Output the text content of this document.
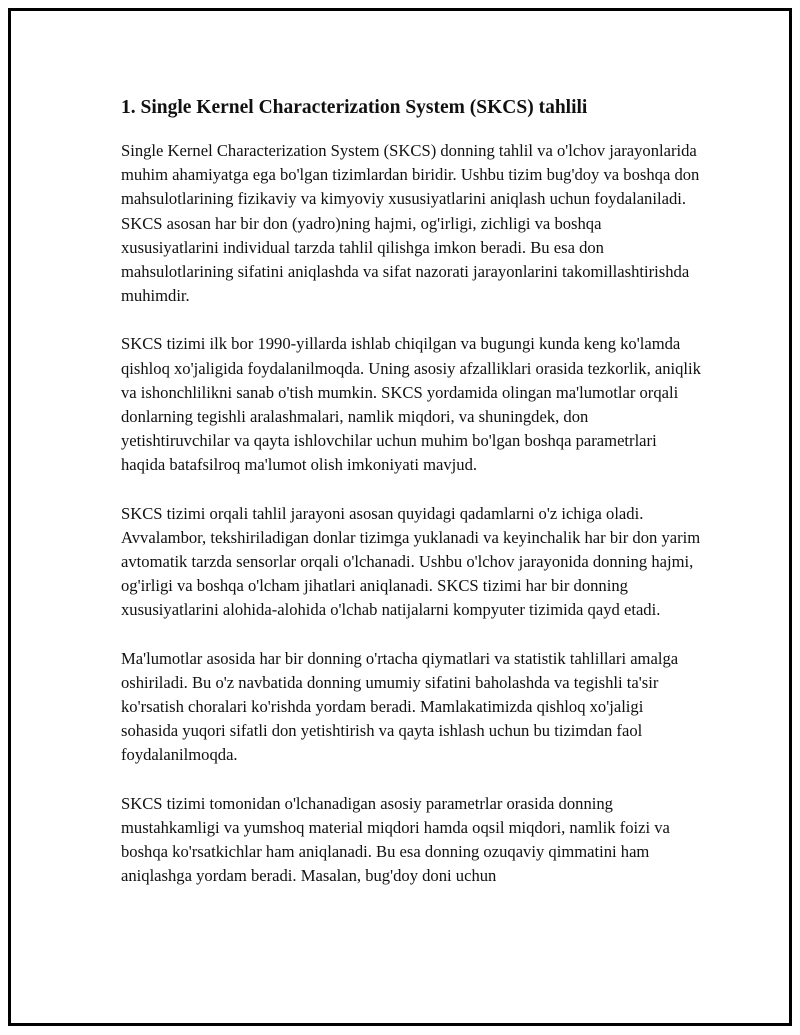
1. Single Kernel Characterization System (SKCS) tahlili

Single Kernel Characterization System (SKCS) donning tahlil va o'lchov jarayonlarida muhim ahamiyatga ega bo'lgan tizimlardan biridir. Ushbu tizim bug'doy va boshqa don mahsulotlarining fizikaviy va kimyoviy xususiyatlarini aniqlash uchun foydalaniladi. SKCS asosan har bir don (yadro)ning hajmi, og'irligi, zichligi va boshqa xususiyatlarini individual tarzda tahlil qilishga imkon beradi. Bu esa don mahsulotlarining sifatini aniqlashda va sifat nazorati jarayonlarini takomillashtirishda muhimdir.

SKCS tizimi ilk bor 1990-yillarda ishlab chiqilgan va bugungi kunda keng ko'lamda qishloq xo'jaligida foydalanilmoqda. Uning asosiy afzalliklari orasida tezkorlik, aniqlik va ishonchlilikni sanab o'tish mumkin. SKCS yordamida olingan ma'lumotlar orqali donlarning tegishli aralashmalari, namlik miqdori, va shuningdek, don yetishtiruvchilar va qayta ishlovchilar uchun muhim bo'lgan boshqa parametrlari haqida batafsilroq ma'lumot olish imkoniyati mavjud.

SKCS tizimi orqali tahlil jarayoni asosan quyidagi qadamlarni o'z ichiga oladi. Avvalambor, tekshiriladigan donlar tizimga yuklanadi va keyinchalik har bir don yarim avtomatik tarzda sensorlar orqali o'lchanadi. Ushbu o'lchov jarayonida donning hajmi, og'irligi va boshqa o'lcham jihatlari aniqlanadi. SKCS tizimi har bir donning xususiyatlarini alohida-alohida o'lchab natijalarni kompyuter tizimida qayd etadi.

Ma'lumotlar asosida har bir donning o'rtacha qiymatlari va statistik tahlillari amalga oshiriladi. Bu o'z navbatida donning umumiy sifatini baholashda va tegishli ta'sir ko'rsatish choralari ko'rishda yordam beradi. Mamlakatimizda qishloq xo'jaligi sohasida yuqori sifatli don yetishtirish va qayta ishlash uchun bu tizimdan faol foydalanilmoqda.

SKCS tizimi tomonidan o'lchanadigan asosiy parametrlar orasida donning mustahkamligi va yumshoq material miqdori hamda oqsil miqdori, namlik foizi va boshqa ko'rsatkichlar ham aniqlanadi. Bu esa donning ozuqaviy qimmatini ham aniqlashga yordam beradi. Masalan, bug'doy doni uchun
